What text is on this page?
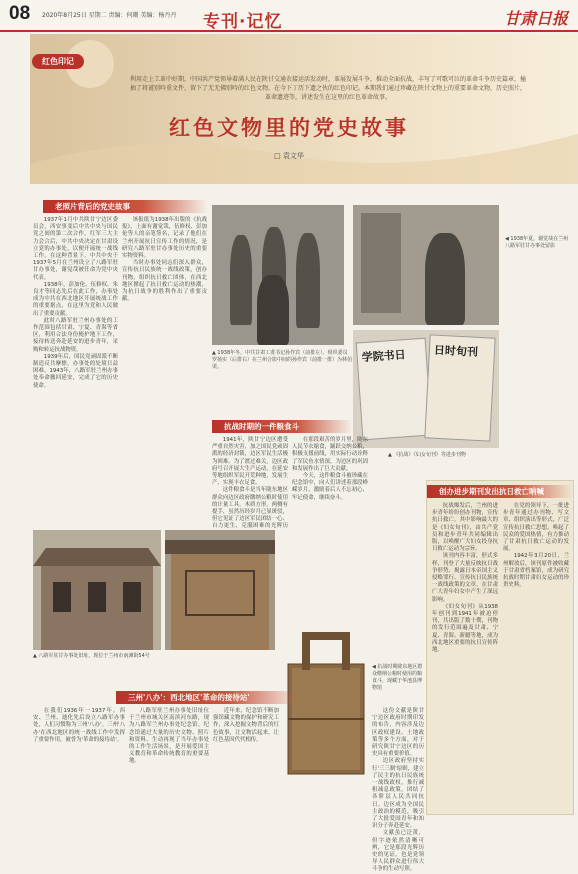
08 2020年8月25日 星期二 责编：何珊 美编：杨丹丹 专刊·记忆	甘肃日报
红色印记
利用走上工革中好期，中国共产党领导着满人民在陕甘交通农接运活发动时，革展发展斗争，推动全面抗战，丰写了可歌可泣的革命斗争历史篇章，撞抽了将谜别吟重文件，留下了无无佛别吟的红色文物，在今下丁历下遗之伙的红色印记。本期我们通过珍藏在陕甘文物上的重要革命文物，历史照片，革命遗迹等，讲述发生在这里的红色革命故事。
红色文物里的党史故事
□ 袁文华
老照片背后的党史故事

1937年1月中共陕甘宁边区委员会，西安事变后中共中央与国民党之间的第二次合作，红军三大主力会合后，中共中央决定在甘肃设立党的办事处，以便开展统一战线工作。在这种背景下，中共中央于1937年5月在兰州设立了八路军驻甘办事处，谢觉哉被任命为党中央代表。

1938年，彭加伦、伍修权、朱良才等同志先后在此工作，办事处成为中共在西北地区开展统战工作的重要据点，在这里为党和人民做出了重要贡献。

此时八路军驻兰州办事处的工作范围包括甘肃、宁夏、青海等省区，利用合法身份掩护地下工作，接待转送奔赴延安的进步青年，采购和转运抗战物资。

1939年后，国民党顽固派不断制造反共摩擦，办事处的处境日益困难。1943年，八路军驻兰州办事处奉命撤回延安，完成了它的历史使命。

该报纸为1938年出版的《抗战报》，上面有谢觉哉、伍修权、彭加伦等人的亲笔签名，记录了他们在兰州开展抗日宣传工作的情况，是研究八路军驻甘办事处历史的重要实物资料。

当时办事处同志们深入群众，宣传抗日民族统一战线政策，创办刊物，组织抗日救亡团体，在西北地区掀起了抗日救亡运动的热潮，为抗日战争的胜利作出了重要贡献。

▲ 1938年冬，中共甘肃工委书记孙作宾（前排左）、组织委员罗扬实（后排右）在兰州合影中间的孙作宾（前排一排）为林伯渠。
◀ 1938年夏，谢觉哉在兰州八路军驻甘办事处留影
学院书日	日时旬刊
▲ 《抗战》《妇女旬刊》等进步刊物
抗战时期的一件粮食斗

1941年，陕甘宁边区遭受严重自然灾害，加之国民党顽固派的经济封锁，边区军民生活极为困难。为了渡过难关，边区政府号召开展大生产运动，在延安等地组织军民开荒种地，发展生产，实现丰衣足食。

这件粮食斗是当年陇东地区群众向边区政府缴纳公粮时使用的计量工具。木质方形，两侧有提手，虽然历经岁月已显斑驳，但它见证了边区军民团结一心、自力更生、克服困难的光辉历

在那段艰苦的岁月里，陇东人民节衣缩食，踊跃交纳公粮，积极支援前线，用实际行动诠释了军民鱼水情深，为边区的巩固和发展作出了巨大贡献。

今天，这件粮食斗被珍藏在纪念馆中，向人们讲述着那段峥嵘岁月，激励着后人不忘初心、牢记使命，继续奋斗。

▲ 八路军驻甘办事处旧址，现位于兰州市南滩街54号
◀ 抗战时期陇东地区群众缴纳公粮时使用的粮食斗，现藏于华池县博物馆
三州'八办'：西北地区'革命的接待站'

在我们1936年一1937年，西安、兰州、迪化先后设立八路军办事处，人们习惯称为三州'八办'。三州'八办'在西北地区的统一战线工作中发挥了重要作用，被誉为'革命的接待站'。

八路军驻兰州办事处旧址位于兰州市城关区南滨河东路，现为八路军兰州办事处纪念馆。纪念馆通过大量的历史文物、照片和资料，生动再现了当年办事处的工作生活场景，是开展爱国主义教育和革命传统教育的重要基地。

近年来，纪念馆不断加强馆藏文物的保护和研究工作，深入挖掘文物背后的红色故事，让文物活起来，让红色基因代代相传。

这份文献是陕甘宁边区政府时期印发的布告，内容涉及边区政权建设、土地政策等多个方面，对于研究陕甘宁边区的历史具有重要价值。

边区政府坚持实行'三三制'原则，建立了民主的抗日民族统一战线政权，推行减租减息政策，团结了各阶层人民共同抗日。边区成为全国民主政治的模范，吸引了大批爱国青年和知识分子奔赴延安。

文献虽已泛黄，但字迹依然清晰可辨，它是那段光辉历史的见证，也是党领导人民群众进行伟大斗争的生动写照。

创办进步期刊发出抗日救亡呐喊

抗战爆发后，兰州的进步青年纷纷创办刊物，宣传抗日救亡。其中影响最大的是《妇女旬刊》，由共产党员和进步青年共同编辑出版，以唤醒广大妇女投身抗日救亡运动为宗旨。

该刊内容丰富，形式多样，刊登了大量反映抗日战争形势、揭露日本帝国主义侵略罪行、宣传抗日民族统一战线政策的文章，在甘肃广大青年妇女中产生了深远影响。

《妇女旬刊》从1938年创刊到1941年被迫停刊，共出版了数十期，刊物的发行范围遍及甘肃、宁夏、青海、新疆等地，成为西北地区重要的抗日宣传阵地。

在党的领导下，一批进步青年通过办刊物、写文章、组织演出等形式，广泛宣传抗日救亡思想，唤起了民众的爱国热情，有力推动了甘肃抗日救亡运动的发展。

1942年3月20日，兰州解放后，该刊原件被收藏于甘肃省档案馆，成为研究抗战时期甘肃妇女运动的珍贵史料。
